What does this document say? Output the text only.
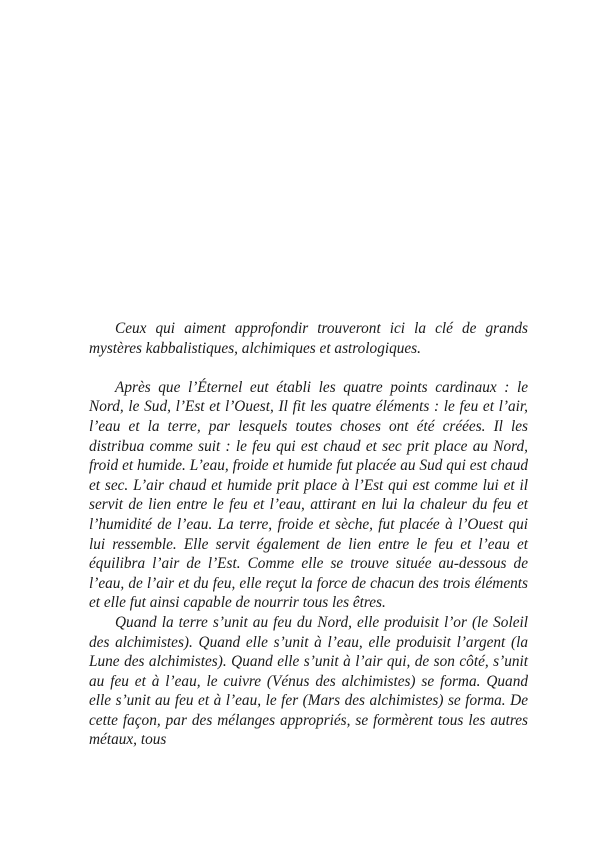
Ceux qui aiment approfondir trouveront ici la clé de grands mystères kabbalistiques, alchimiques et astrologiques.

Après que l’Éternel eut établi les quatre points cardinaux : le Nord, le Sud, l’Est et l’Ouest, Il fit les quatre éléments : le feu et l’air, l’eau et la terre, par lesquels toutes choses ont été créées. Il les distribua comme suit : le feu qui est chaud et sec prit place au Nord, froid et humide. L’eau, froide et humide fut placée au Sud qui est chaud et sec. L’air chaud et humide prit place à l’Est qui est comme lui et il servit de lien entre le feu et l’eau, attirant en lui la chaleur du feu et l’humidité de l’eau. La terre, froide et sèche, fut placée à l’Ouest qui lui ressemble. Elle servit également de lien entre le feu et l’eau et équilibra l’air de l’Est. Comme elle se trouve située au-dessous de l’eau, de l’air et du feu, elle reçut la force de chacun des trois éléments et elle fut ainsi capable de nourrir tous les êtres.

Quand la terre s’unit au feu du Nord, elle produisit l’or (le Soleil des alchimistes). Quand elle s’unit à l’eau, elle produisit l’argent (la Lune des alchimistes). Quand elle s’unit à l’air qui, de son côté, s’unit au feu et à l’eau, le cuivre (Vénus des alchimistes) se forma. Quand elle s’unit au feu et à l’eau, le fer (Mars des alchimistes) se forma. De cette façon, par des mélanges appropriés, se formèrent tous les autres métaux, tous
